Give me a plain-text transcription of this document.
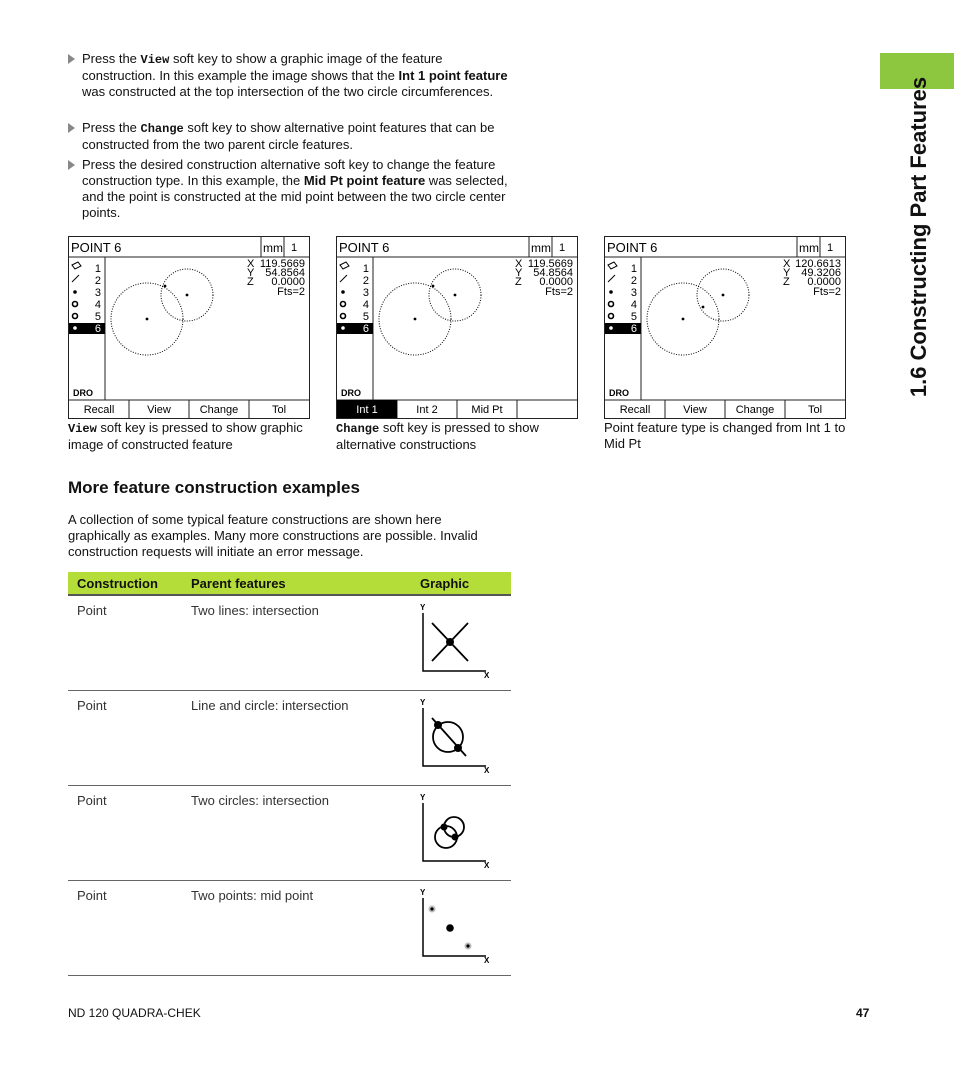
1.6 Constructing Part Features
Press the View soft key to show a graphic image of the feature construction. In this example the image shows that the Int 1 point feature was constructed at the top intersection of the two circle circumferences.
Press the Change soft key to show alternative point features that can be constructed from the two parent circle features.
Press the desired construction alternative soft key to change the feature construction type. In this example, the Mid Pt point feature was selected, and the point is constructed at the mid point between the two circle center points.
POINT 6	mm 1
X
Y
Z
119.5669
54.8564
0.0000
Fts=2
1
2
3
4
5
6
DRO
Recall	View	Change	Tol
POINT 6	mm 1
X
Y
Z
119.5669
54.8564
0.0000
Fts=2
1
2
3
4
5
6
DRO
Int 1	Int 2	Mid Pt
POINT 6	mm 1
X
Y
Z
120.6613
49.3206
0.0000
Fts=2
1
2
3
4
5
6
DRO
Recall	View	Change	Tol
View soft key is pressed to show graphic image of constructed feature
Change soft key is pressed to show alternative constructions
Point feature type is changed from Int 1 to Mid Pt
More feature construction examples
A collection of some typical feature constructions are shown here graphically as examples. Many more constructions are possible. Invalid construction requests will initiate an error message.
Construction	Parent features	Graphic
Point	Two lines: intersection	Y
X

Point	Line and circle: intersection	Y
X

Point	Two circles: intersection	Y
X

Point	Two points: mid point	Y
X
ND 120 QUADRA-CHEK	47
